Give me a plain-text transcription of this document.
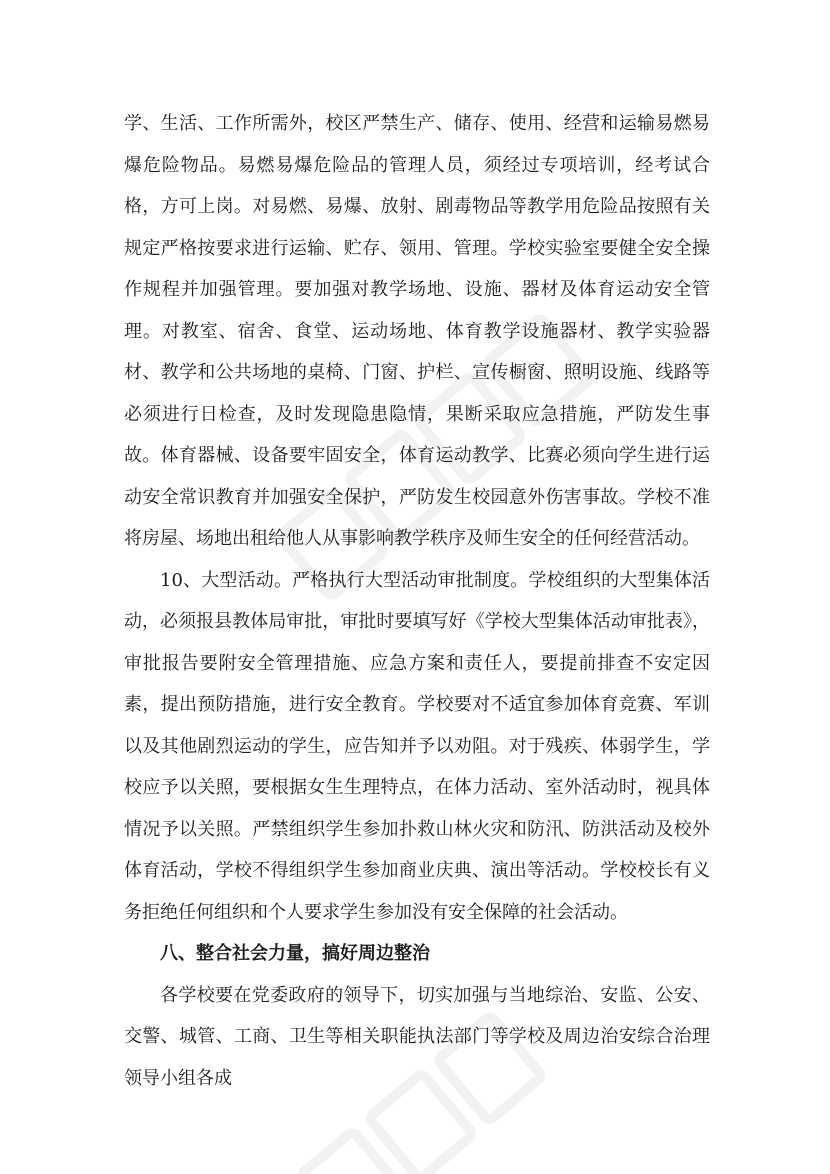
学、生活、工作所需外，校区严禁生产、储存、使用、经营和运输易燃易爆危险物品。易燃易爆危险品的管理人员，须经过专项培训，经考试合格，方可上岗。对易燃、易爆、放射、剧毒物品等教学用危险品按照有关规定严格按要求进行运输、贮存、领用、管理。学校实验室要健全安全操作规程并加强管理。要加强对教学场地、设施、器材及体育运动安全管理。对教室、宿舍、食堂、运动场地、体育教学设施器材、教学实验器材、教学和公共场地的桌椅、门窗、护栏、宣传橱窗、照明设施、线路等必须进行日检查，及时发现隐患隐情，果断采取应急措施，严防发生事故。体育器械、设备要牢固安全，体育运动教学、比赛必须向学生进行运动安全常识教育并加强安全保护，严防发生校园意外伤害事故。学校不准将房屋、场地出租给他人从事影响教学秩序及师生安全的任何经营活动。

10、大型活动。严格执行大型活动审批制度。学校组织的大型集体活动，必须报县教体局审批，审批时要填写好《学校大型集体活动审批表》，审批报告要附安全管理措施、应急方案和责任人，要提前排查不安定因素，提出预防措施，进行安全教育。学校要对不适宜参加体育竞赛、军训以及其他剧烈运动的学生，应告知并予以劝阻。对于残疾、体弱学生，学校应予以关照，要根据女生生理特点，在体力活动、室外活动时，视具体情况予以关照。严禁组织学生参加扑救山林火灾和防汛、防洪活动及校外体育活动，学校不得组织学生参加商业庆典、演出等活动。学校校长有义务拒绝任何组织和个人要求学生参加没有安全保障的社会活动。

八、整合社会力量，搞好周边整治

各学校要在党委政府的领导下，切实加强与当地综治、安监、公安、交警、城管、工商、卫生等相关职能执法部门等学校及周边治安综合治理领导小组各成
